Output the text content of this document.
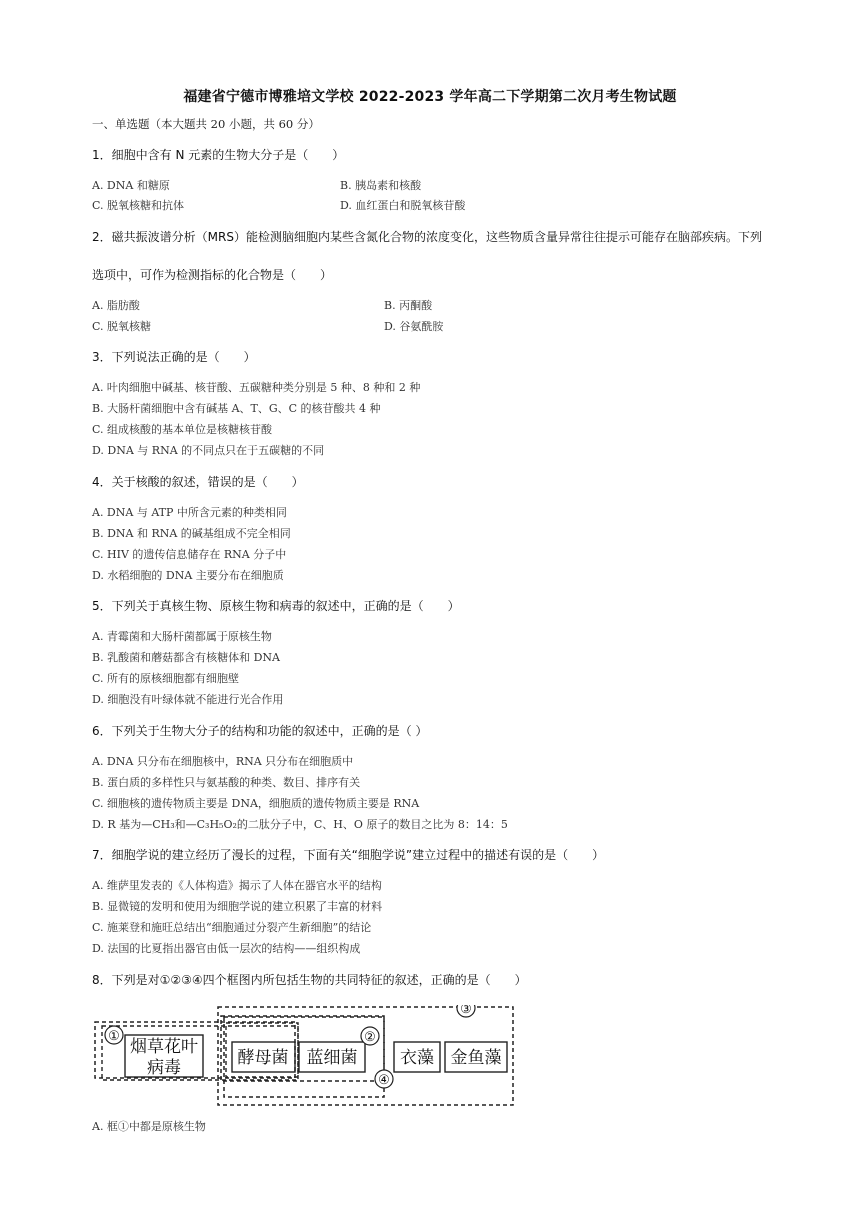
福建省宁德市博雅培文学校 2022-2023 学年高二下学期第二次月考生物试题
一、单选题（本大题共 20 小题，共 60 分）
1．细胞中含有 N 元素的生物大分子是（　　）
A. DNA 和糖原	B. 胰岛素和核酸
C. 脱氧核糖和抗体	D. 血红蛋白和脱氧核苷酸
2．磁共振波谱分析（MRS）能检测脑细胞内某些含氮化合物的浓度变化，这些物质含量异常往往提示可能存在脑部疾病。下列
选项中，可作为检测指标的化合物是（　　）
A. 脂肪酸	B. 丙酮酸
C. 脱氧核糖	D. 谷氨酰胺
3．下列说法正确的是（　　）
A. 叶肉细胞中碱基、核苷酸、五碳糖种类分别是 5 种、8 种和 2 种
B. 大肠杆菌细胞中含有碱基 A、T、G、C 的核苷酸共 4 种
C. 组成核酸的基本单位是核糖核苷酸
D. DNA 与 RNA 的不同点只在于五碳糖的不同
4．关于核酸的叙述，错误的是（　　）
A. DNA 与 ATP 中所含元素的种类相同
B. DNA 和 RNA 的碱基组成不完全相同
C. HIV 的遗传信息储存在 RNA 分子中
D. 水稻细胞的 DNA 主要分布在细胞质
5．下列关于真核生物、原核生物和病毒的叙述中，正确的是（　　）
A. 青霉菌和大肠杆菌都属于原核生物
B. 乳酸菌和蘑菇都含有核糖体和 DNA
C. 所有的原核细胞都有细胞壁
D. 细胞没有叶绿体就不能进行光合作用
6．下列关于生物大分子的结构和功能的叙述中，正确的是（ ）
A. DNA 只分布在细胞核中，RNA 只分布在细胞质中
B. 蛋白质的多样性只与氨基酸的种类、数目、排序有关
C. 细胞核的遗传物质主要是 DNA，细胞质的遗传物质主要是 RNA
D. R 基为—CH₃和—C₃H₅O₂的二肽分子中，C、H、O 原子的数目之比为 8：14：5
7．细胞学说的建立经历了漫长的过程，下面有关“细胞学说”建立过程中的描述有误的是（　　）
A. 维萨里发表的《人体构造》揭示了人体在器官水平的结构
B. 显微镜的发明和使用为细胞学说的建立积累了丰富的材料
C. 施莱登和施旺总结出“细胞通过分裂产生新细胞”的结论
D. 法国的比夏指出器官由低一层次的结构——组织构成
8．下列是对①②③④四个框图内所包括生物的共同特征的叙述，正确的是（　　）
①	②
③
④
烟草花叶
病毒	酵母菌 蓝细菌	衣藻 金鱼藻
A. 框①中都是原核生物
